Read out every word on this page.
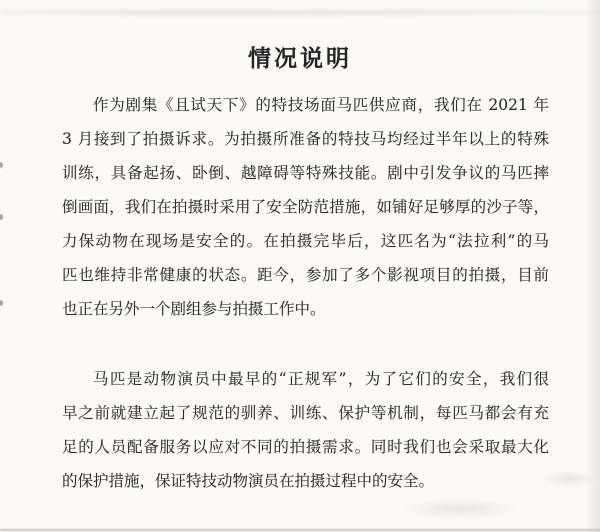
情况说明
作为剧集《且试天下》的特技场面马匹供应商，我们在 2021 年
3 月接到了拍摄诉求。为拍摄所准备的特技马均经过半年以上的特殊
训练，具备起扬、卧倒、越障碍等特殊技能。剧中引发争议的马匹摔
倒画面，我们在拍摄时采用了安全防范措施，如铺好足够厚的沙子等，
力保动物在现场是安全的。在拍摄完毕后，这匹名为“法拉利”的马
匹也维持非常健康的状态。距今，参加了多个影视项目的拍摄，目前
也正在另外一个剧组参与拍摄工作中。
马匹是动物演员中最早的“正规军”，为了它们的安全，我们很
早之前就建立起了规范的驯养、训练、保护等机制，每匹马都会有充
足的人员配备服务以应对不同的拍摄需求。同时我们也会采取最大化
的保护措施，保证特技动物演员在拍摄过程中的安全。
